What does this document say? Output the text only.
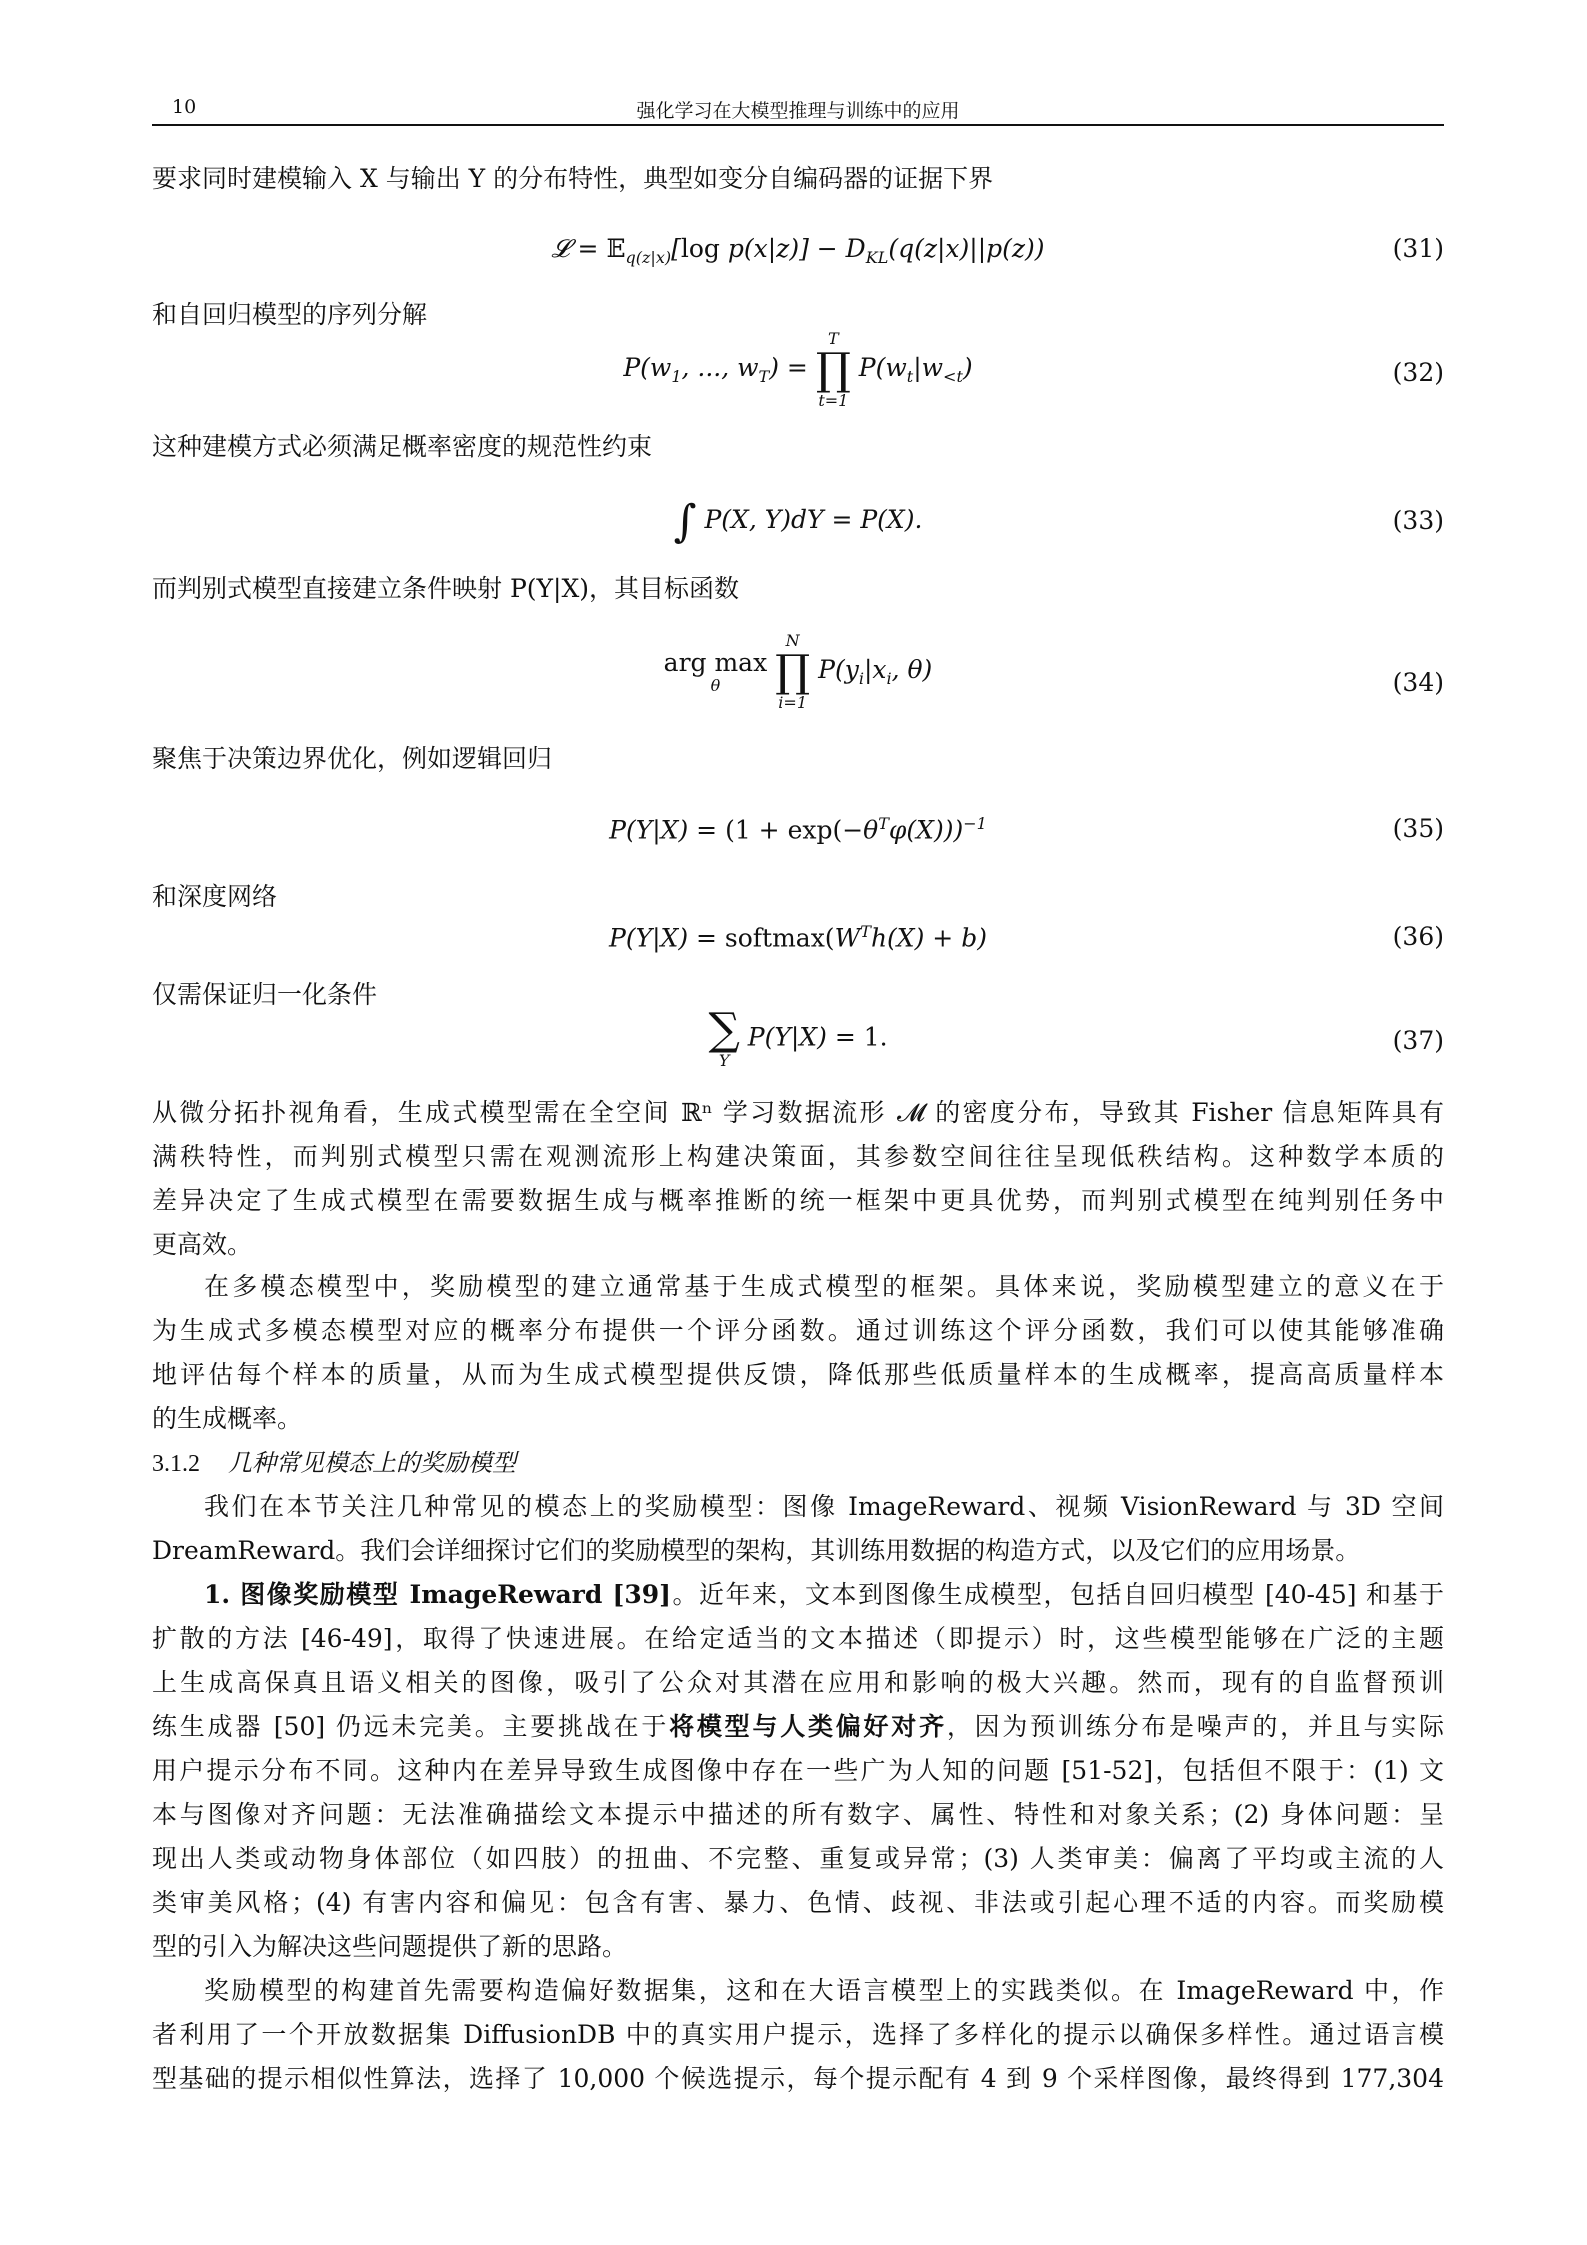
10	强化学习在大模型推理与训练中的应用
要求同时建模输入 X 与输出 Y 的分布特性，典型如变分自编码器的证据下界
𝓛 = 𝔼$_{q(z|x)}$[log $p(x|z)] - D_{KL}(q(z|x)||p(z))$	(31)
和自回归模型的序列分解
$P(w_1$, ..., $w_T$) =
T
∏
t=1
$P(w_t|w_{<t})$	(32)
这种建模方式必须满足概率密度的规范性约束
∫ P(X, Y)dY = P(X).	(33)
而判别式模型直接建立条件映射 P(Y|X)，其目标函数
arg max
θ

N
∏
i=1
$P(y_i|x_i$, θ)	(34)
聚焦于决策边界优化，例如逻辑回归
$P(Y|X) = (1 + \exp(-\theta^T\varphi(X)))^{-1}$	(35)
和深度网络
$P(Y|X) = softmax(W^Th(X) + b)$	(36)
仅需保证归一化条件
∑
Y
P(Y|X) = 1.	(37)
从微分拓扑视角看，生成式模型需在全空间 ℝⁿ 学习数据流形 𝓜 的密度分布，导致其 Fisher 信息矩阵具有
满秩特性，而判别式模型只需在观测流形上构建决策面，其参数空间往往呈现低秩结构。这种数学本质的
差异决定了生成式模型在需要数据生成与概率推断的统一框架中更具优势，而判别式模型在纯判别任务中
更高效。
在多模态模型中，奖励模型的建立通常基于生成式模型的框架。具体来说，奖励模型建立的意义在于
为生成式多模态模型对应的概率分布提供一个评分函数。通过训练这个评分函数，我们可以使其能够准确
地评估每个样本的质量，从而为生成式模型提供反馈，降低那些低质量样本的生成概率，提高高质量样本
的生成概率。
3.1.2 几种常见模态上的奖励模型
我们在本节关注几种常见的模态上的奖励模型：图像 ImageReward、视频 VisionReward 与 3D 空间
DreamReward。我们会详细探讨它们的奖励模型的架构，其训练用数据的构造方式，以及它们的应用场景。
1. 图像奖励模型 ImageReward [39]。近年来，文本到图像生成模型，包括自回归模型 [40-45] 和基于
扩散的方法 [46-49]，取得了快速进展。在给定适当的文本描述（即提示）时，这些模型能够在广泛的主题
上生成高保真且语义相关的图像，吸引了公众对其潜在应用和影响的极大兴趣。然而，现有的自监督预训
练生成器 [50] 仍远未完美。主要挑战在于将模型与人类偏好对齐，因为预训练分布是噪声的，并且与实际
用户提示分布不同。这种内在差异导致生成图像中存在一些广为人知的问题 [51-52]，包括但不限于：(1) 文
本与图像对齐问题：无法准确描绘文本提示中描述的所有数字、属性、特性和对象关系；(2) 身体问题：呈
现出人类或动物身体部位（如四肢）的扭曲、不完整、重复或异常；(3) 人类审美：偏离了平均或主流的人
类审美风格；(4) 有害内容和偏见：包含有害、暴力、色情、歧视、非法或引起心理不适的内容。而奖励模
型的引入为解决这些问题提供了新的思路。
奖励模型的构建首先需要构造偏好数据集，这和在大语言模型上的实践类似。在 ImageReward 中，作
者利用了一个开放数据集 DiffusionDB 中的真实用户提示，选择了多样化的提示以确保多样性。通过语言模
型基础的提示相似性算法，选择了 10,000 个候选提示，每个提示配有 4 到 9 个采样图像，最终得到 177,304
